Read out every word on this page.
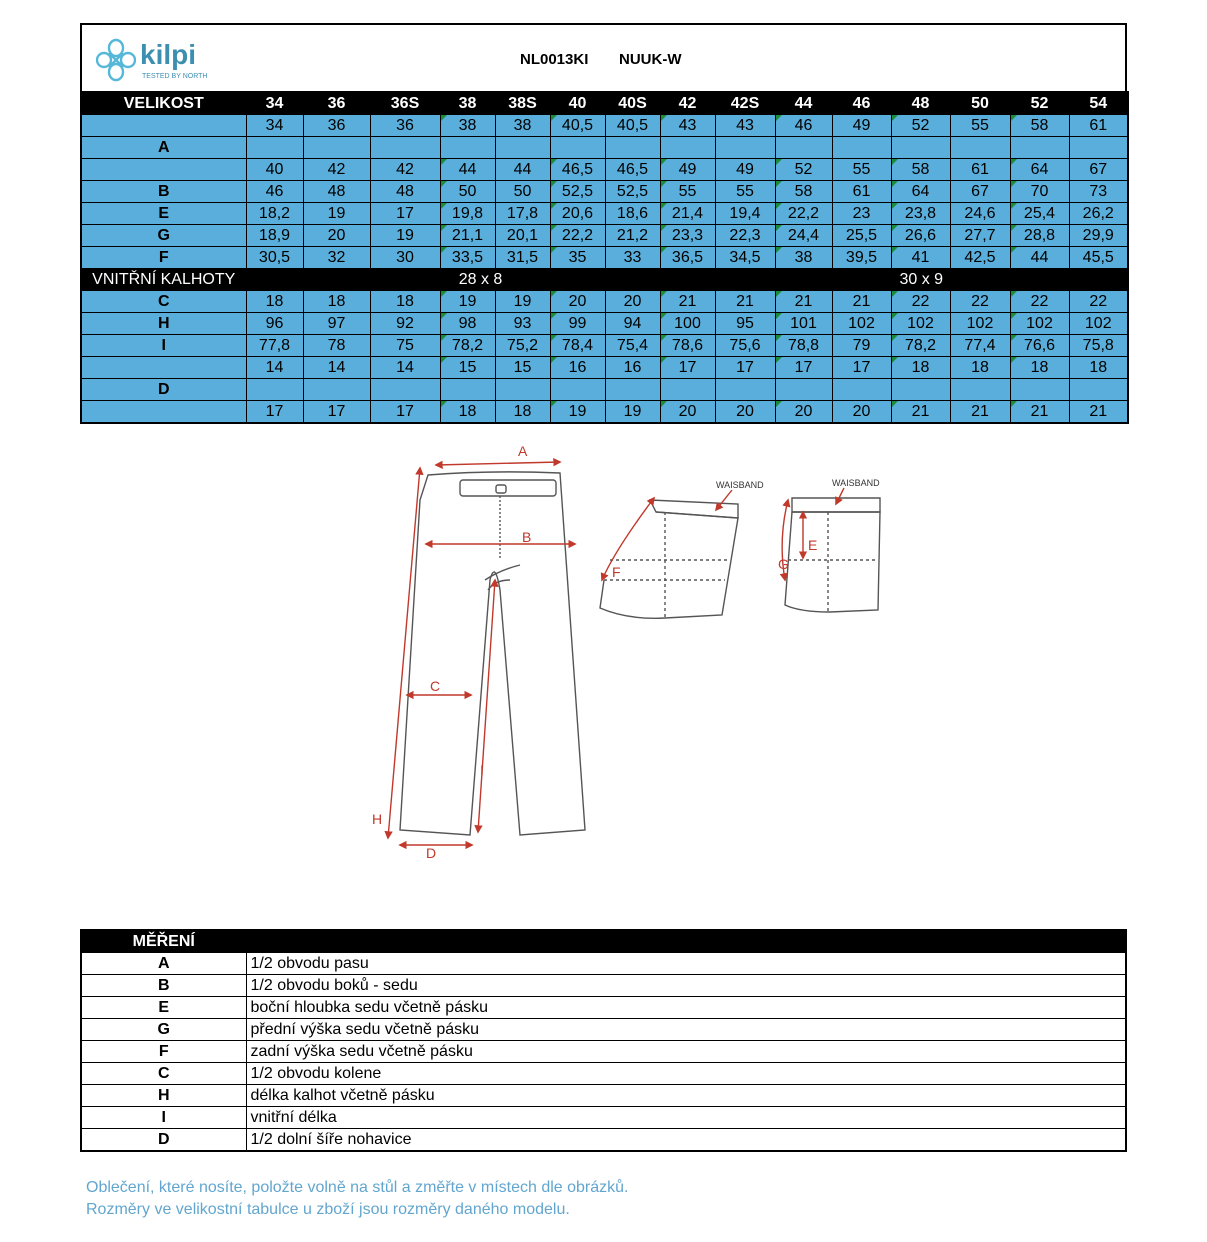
kilpi
TESTED BY NORTH
NL0013KI NUUK-W
VELIKOST	34	36	36S	38	38S	40	40S	42	42S	44	46	48	50	52	54
	34	36	36	38	38	40,5	40,5	43	43	46	49	52	55	58	61
A															
	40	42	42	44	44	46,5	46,5	49	49	52	55	58	61	64	67
B	46	48	48	50	50	52,5	52,5	55	55	58	61	64	67	70	73
E	18,2	19	17	19,8	17,8	20,6	18,6	21,4	19,4	22,2	23	23,8	24,6	25,4	26,2
G	18,9	20	19	21,1	20,1	22,2	21,2	23,3	22,3	24,4	25,5	26,6	27,7	28,8	29,9
F	30,5	32	30	33,5	31,5	35	33	36,5	34,5	38	39,5	41	42,5	44	45,5
VNITŘNÍ KALHOTY	28 x 8								30 x 9						
C	18	18	18	19	19	20	20	21	21	21	21	22	22	22	22
H	96	97	92	98	93	99	94	100	95	101	102	102	102	102	102
I	77,8	78	75	78,2	75,2	78,4	75,4	78,6	75,6	78,8	79	78,2	77,4	76,6	75,8
	14	14	14	15	15	16	16	17	17	17	17	18	18	18	18
D															
	17	17	17	18	18	19	19	20	20	20	20	21	21	21	21
A
B
C
D
H
I
F
E
G
WAISBAND	WAISBAND
MĚŘENÍ	
A	1/2 obvodu pasu
B	1/2 obvodu boků - sedu
E	boční hloubka sedu včetně pásku
G	přední výška sedu včetně pásku
F	zadní výška sedu včetně pásku
C	1/2 obvodu kolene
H	délka kalhot včetně pásku
I	vnitřní délka
D	1/2 dolní šíře nohavice
Oblečení, které nosíte, položte volně na stůl a změřte v místech dle obrázků.
Rozměry ve velikostní tabulce u zboží jsou rozměry daného modelu.
